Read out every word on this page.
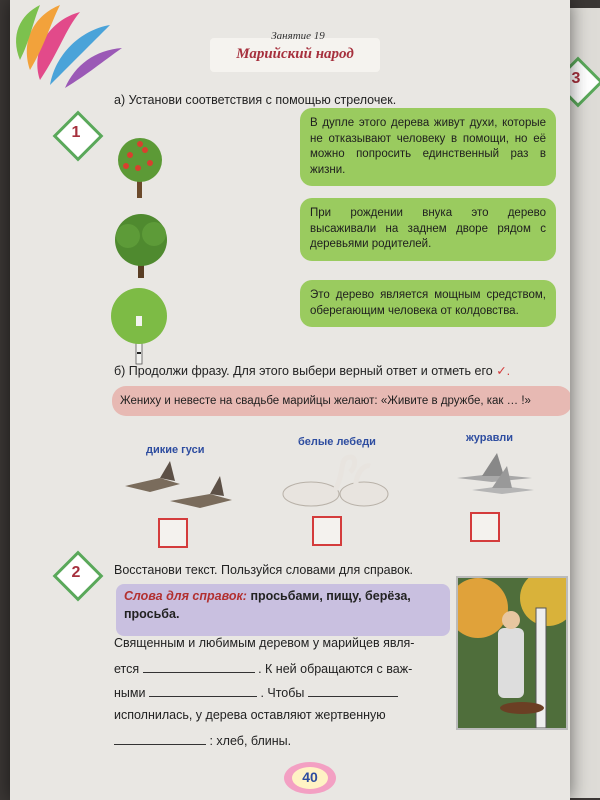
3
Занятие 19
Марийский народ
1
а) Установи соответствия с помощью стрелочек.
В дупле этого дерева живут духи, которые не отказывают человеку в помощи, но её можно попросить единственный раз в жизни.
При рождении внука это дерево высаживали на заднем дворе рядом с деревьями родителей.
Это дерево является мощным средством, оберегающим человека от колдовства.
б) Продолжи фразу. Для этого выбери верный ответ и отметь его ✓.
Жениху и невесте на свадьбе марийцы желают: «Живите в дружбе, как … !»
дикие гуси
белые лебеди	журавли
2	Восстанови текст. Пользуйся словами для справок.
Слова для справок: просьбами, пищу, берёза, просьба.
Священным и любимым деревом у марийцев явля-
ется	. К ней обращаются с важ-
ными	. Чтобы
исполнилась, у дерева оставляют жертвенную
: хлеб, блины.
40
